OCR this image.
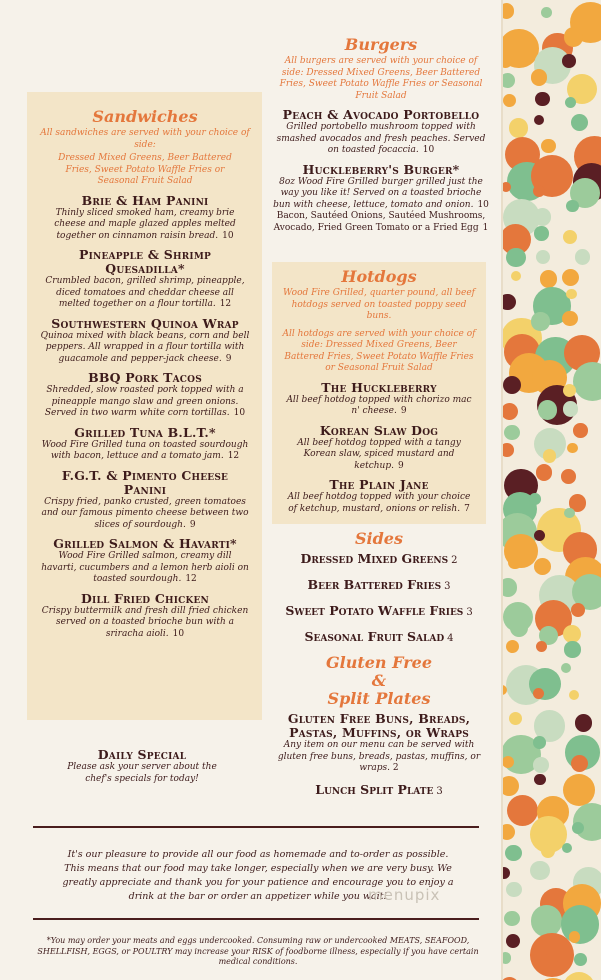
Sandwiches
All sandwiches are served with your choice of side:
Dressed Mixed Greens, Beer Battered Fries, Sweet Potato Waffle Fries or Seasonal Fruit Salad
Brie & Ham Panini
Thinly sliced smoked ham, creamy brie cheese and maple glazed apples melted together on cinnamon raisin bread. 10
Pineapple & Shrimp Quesadilla*
Crumbled bacon, grilled shrimp, pineapple, diced tomatoes and cheddar cheese all melted together on a flour tortilla. 12
Southwestern Quinoa Wrap
Quinoa mixed with black beans, corn and bell peppers. All wrapped in a flour tortilla with guacamole and pepper-jack cheese. 9
BBQ Pork Tacos
Shredded, slow roasted pork topped with a pineapple mango slaw and green onions. Served in two warm white corn tortillas. 10
Grilled Tuna B.L.T.*
Wood Fire Grilled tuna on toasted sourdough with bacon, lettuce and a tomato jam. 12
F.G.T. & Pimento Cheese Panini
Crispy fried, panko crusted, green tomatoes and our famous pimento cheese between two slices of sourdough. 9
Grilled Salmon & Havarti*
Wood Fire Grilled salmon, creamy dill havarti, cucumbers and a lemon herb aioli on toasted sourdough. 12
Dill Fried Chicken
Crispy buttermilk and fresh dill fried chicken served on a toasted brioche bun with a sriracha aioli. 10
Daily Special
Please ask your server about the chef's specials for today!
Burgers
All burgers are served with your choice of side: Dressed Mixed Greens, Beer Battered Fries, Sweet Potato Waffle Fries or Seasonal Fruit Salad
Peach & Avocado Portobello
Grilled portobello mushroom topped with smashed avocados and fresh peaches. Served on toasted focaccia. 10
Huckleberry's Burger*
8oz Wood Fire Grilled burger grilled just the way you like it! Served on a toasted brioche bun with cheese, lettuce, tomato and onion. 10
Bacon, Sautéed Onions, Sautéed Mushrooms, Avocado, Fried Green Tomato or a Fried Egg 1
Hotdogs
Wood Fire Grilled, quarter pound, all beef hotdogs served on toasted poppy seed buns.
All hotdogs are served with your choice of side: Dressed Mixed Greens, Beer Battered Fries, Sweet Potato Waffle Fries or Seasonal Fruit Salad
The Huckleberry
All beef hotdog topped with chorizo mac n' cheese. 9
Korean Slaw Dog
All beef hotdog topped with a tangy Korean slaw, spiced mustard and ketchup. 9
The Plain Jane
All beef hotdog topped with your choice of ketchup, mustard, onions or relish. 7
Sides
Dressed Mixed Greens 2
Beer Battered Fries 3
Sweet Potato Waffle Fries 3
Seasonal Fruit Salad 4
Gluten Free
&
Split Plates
Gluten Free Buns, Breads, Pastas, Muffins, or Wraps
Any item on our menu can be served with gluten free buns, breads, pastas, muffins, or wraps. 2
Lunch Split Plate 3
It's our pleasure to provide all our food as homemade and to-order as possible. This means that our food may take longer, especially when we are very busy. We greatly appreciate and thank you for your patience and encourage you to enjoy a drink at the bar or order an appetizer while you wait!
menupix
*You may order your meats and eggs undercooked. Consuming raw or undercooked MEATS, SEAFOOD, SHELLFISH, EGGS, or POULTRY may increase your RISK of foodborne illness, especially if you have certain medical conditions.
